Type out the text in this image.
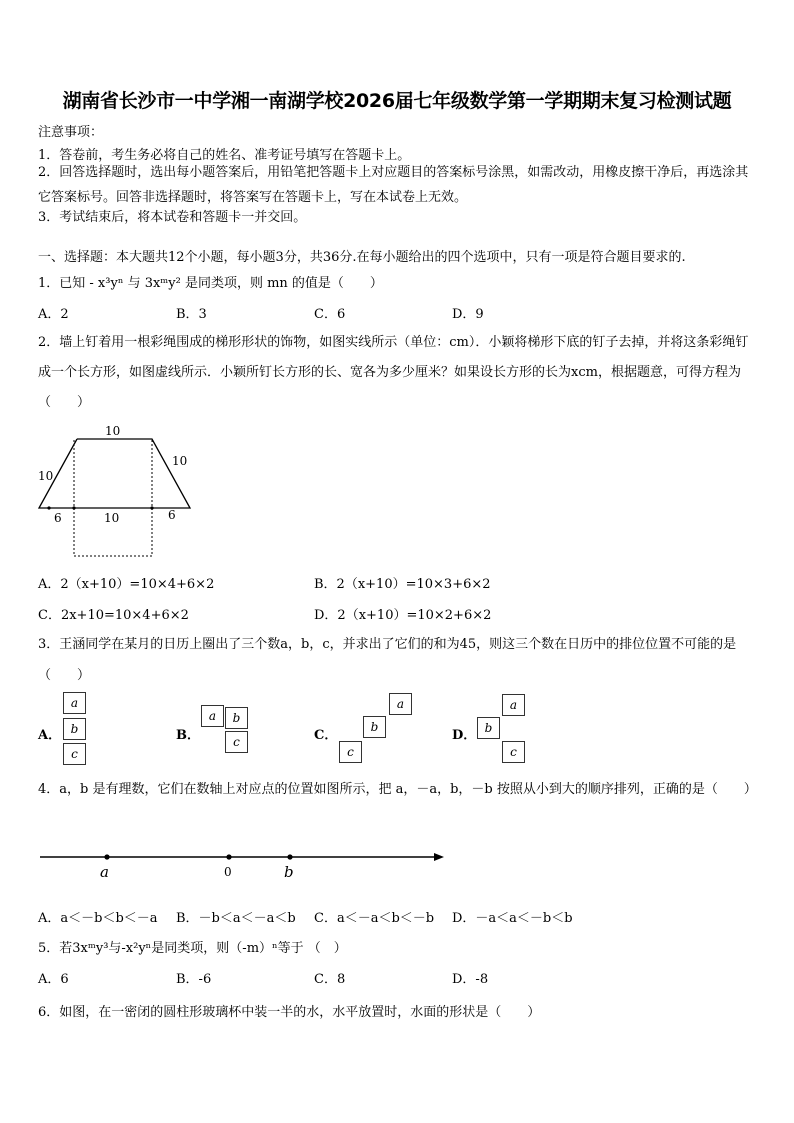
湖南省长沙市一中学湘一南湖学校2026届七年级数学第一学期期末复习检测试题
注意事项：
1．答卷前，考生务必将自己的姓名、准考证号填写在答题卡上。
2．回答选择题时，选出每小题答案后，用铅笔把答题卡上对应题目的答案标号涂黑，如需改动，用橡皮擦干净后，再选涂其它答案标号。回答非选择题时，将答案写在答题卡上，写在本试卷上无效。
3．考试结束后，将本试卷和答题卡一并交回。
一、选择题：本大题共12个小题，每小题3分，共36分.在每小题给出的四个选项中，只有一项是符合题目要求的.
1．已知 - x³yⁿ 与 3xᵐy² 是同类项，则 mn 的值是（　　）
A．2	B．3	C．6	D．9
2．墙上钉着用一根彩绳围成的梯形形状的饰物，如图实线所示（单位：cm）．小颖将梯形下底的钉子去掉，并将这条彩绳钉成一个长方形，如图虚线所示．小颖所钉长方形的长、宽各为多少厘米？如果设长方形的长为xcm，根据题意，可得方程为（　　）
10
10
10
6	10	6
A．2（x+10）=10×4+6×2	B．2（x+10）=10×3+6×2
C．2x+10=10×4+6×2	D．2（x+10）=10×2+6×2
3．王涵同学在某月的日历上圈出了三个数a，b，c，并求出了它们的和为45，则这三个数在日历中的排位位置不可能的是（　　）
A．
a
b
c
B．
a	b
c	C．
a
b
c
D．
a
b
c
4．a，b 是有理数，它们在数轴上对应点的位置如图所示，把 a，－a，b，－b 按照从小到大的顺序排列，正确的是（　　）
a	0	b
A．a＜－b＜b＜－a B．－b＜a＜－a＜b C．a＜－a＜b＜－b D．－a＜a＜－b＜b
5．若3xᵐy³与-x²yⁿ是同类项，则（-m）ⁿ等于 （　）
A．6	B．-6	C．8	D．-8
6．如图，在一密闭的圆柱形玻璃杯中装一半的水，水平放置时，水面的形状是（　　）
